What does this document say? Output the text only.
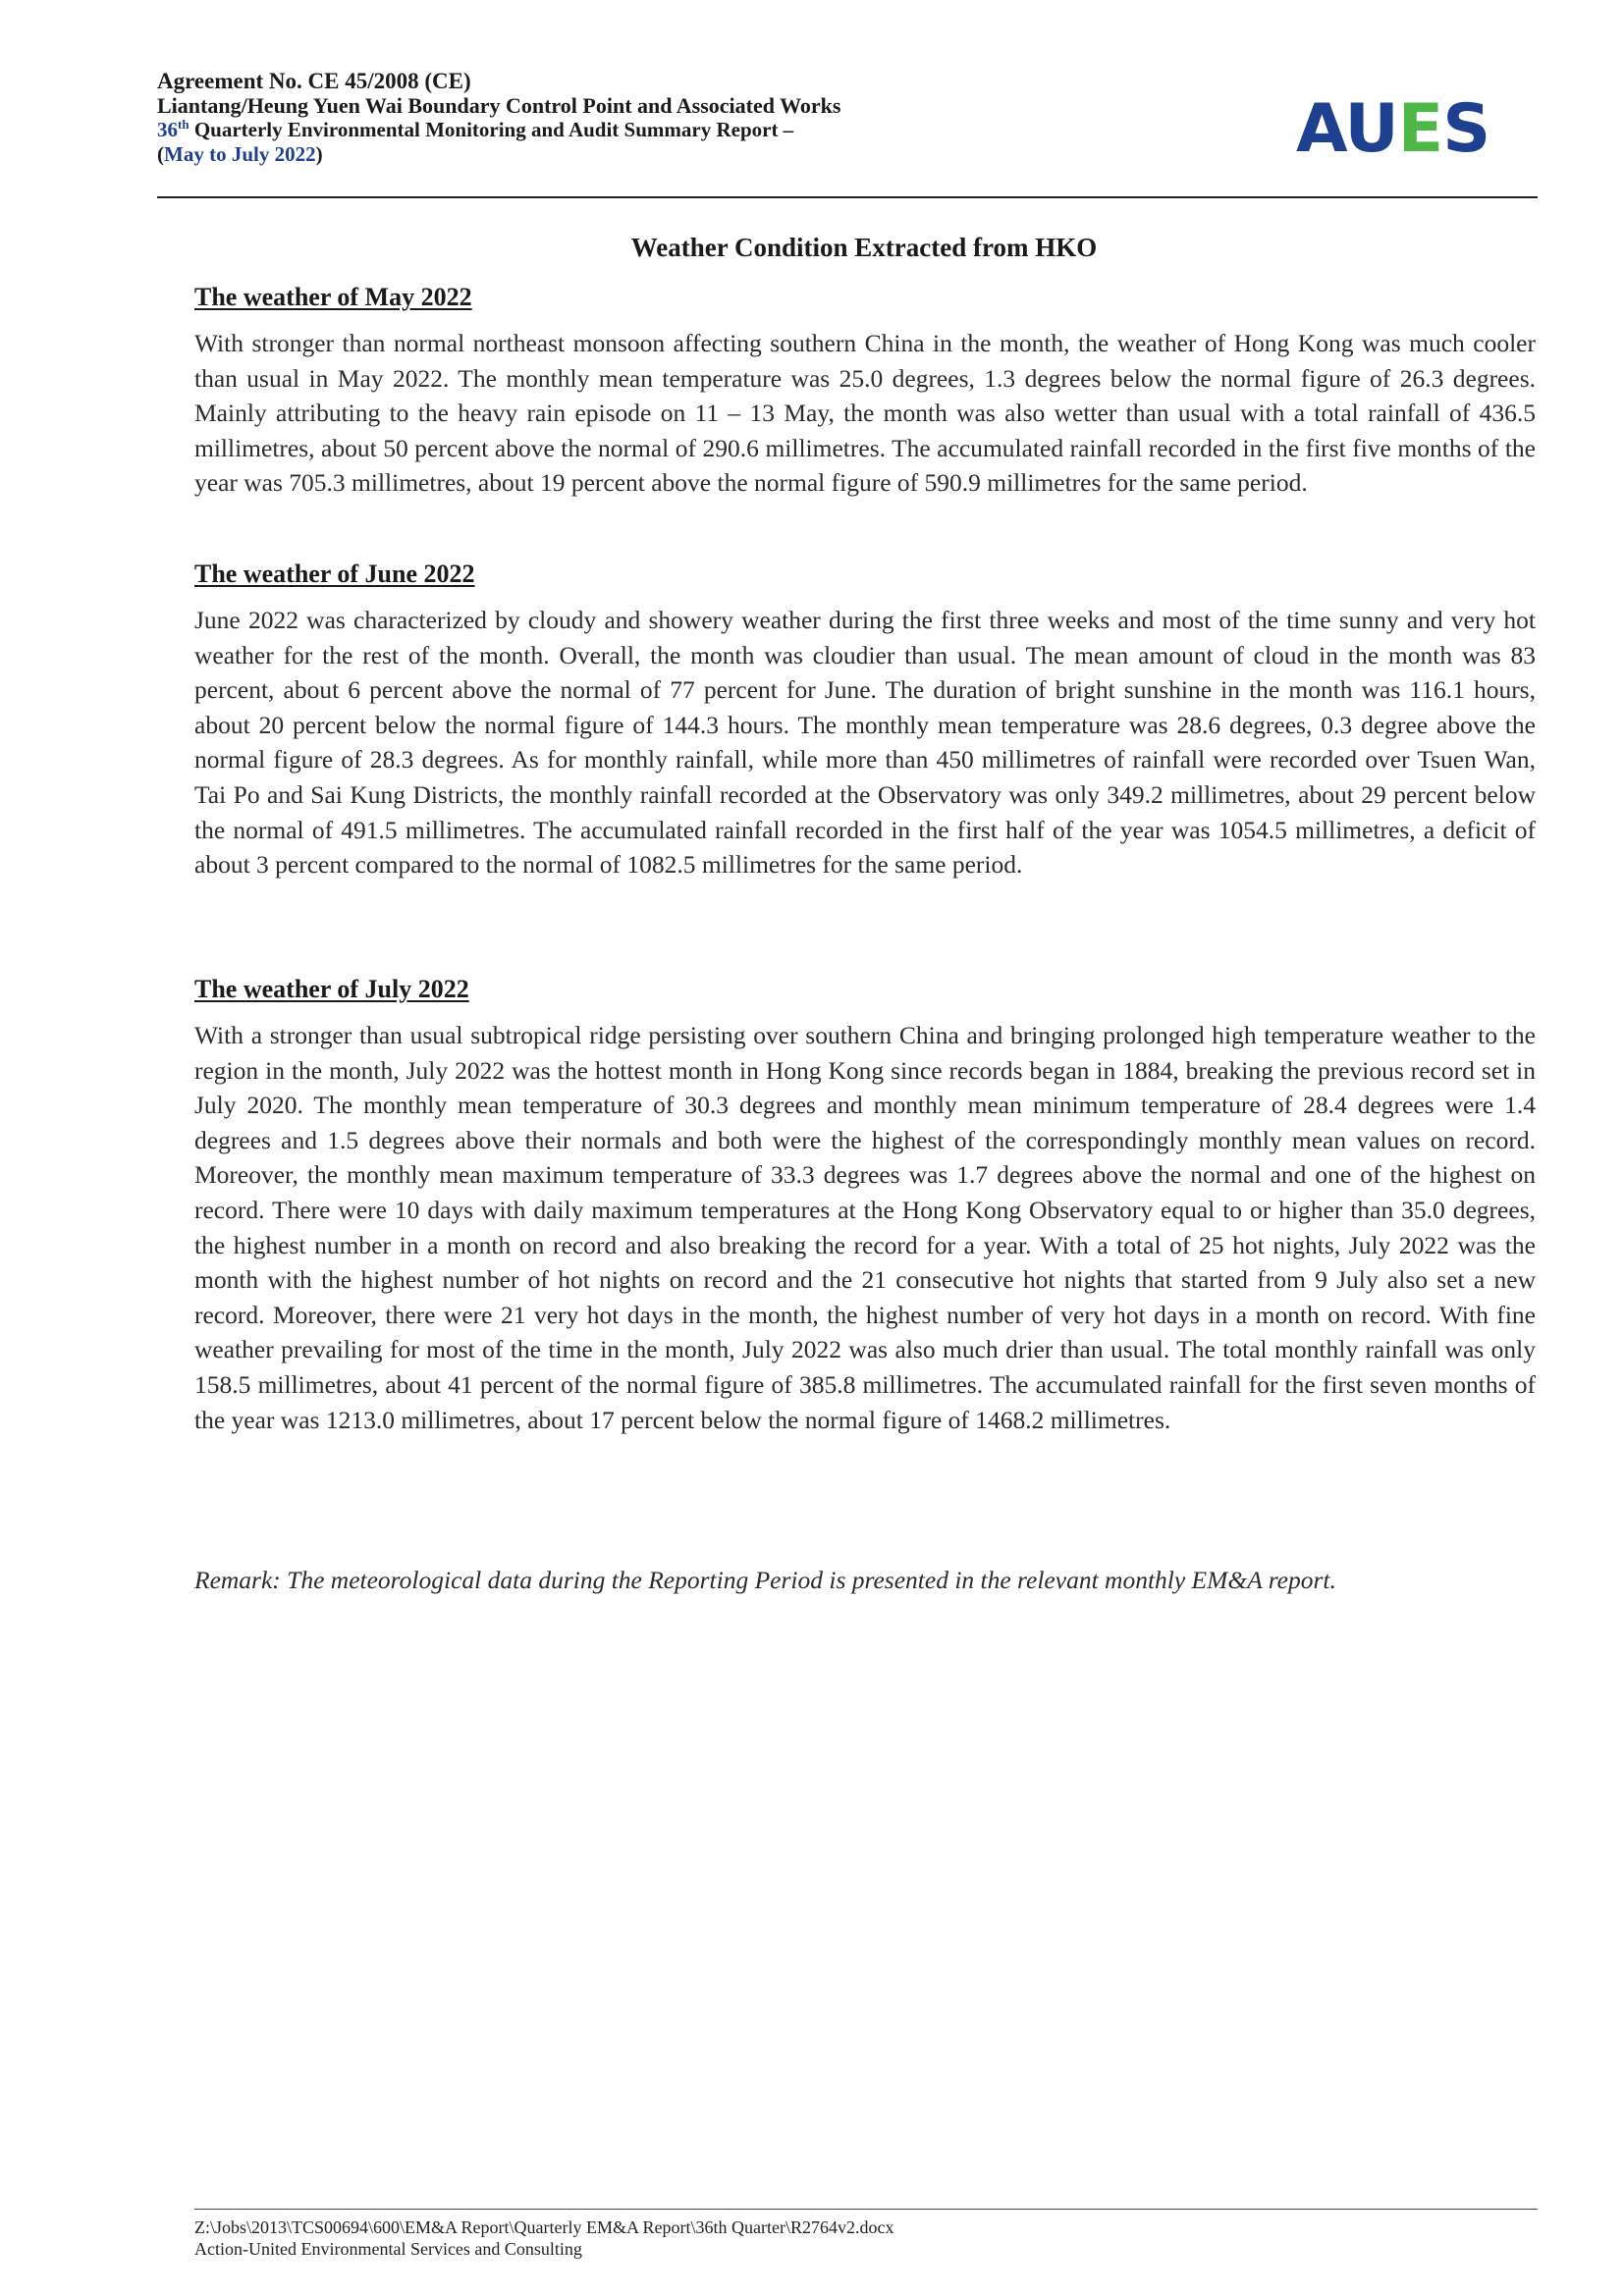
Agreement No. CE 45/2008 (CE)
Liantang/Heung Yuen Wai Boundary Control Point and Associated Works
36th Quarterly Environmental Monitoring and Audit Summary Report –
(May to July 2022)	AUES
Weather Condition Extracted from HKO
The weather of May 2022

With stronger than normal northeast monsoon affecting southern China in the month, the weather of Hong Kong was much cooler than usual in May 2022. The monthly mean temperature was 25.0 degrees, 1.3 degrees below the normal figure of 26.3 degrees. Mainly attributing to the heavy rain episode on 11 – 13 May, the month was also wetter than usual with a total rainfall of 436.5 millimetres, about 50 percent above the normal of 290.6 millimetres. The accumulated rainfall recorded in the first five months of the year was 705.3 millimetres, about 19 percent above the normal figure of 590.9 millimetres for the same period.

The weather of June 2022

June 2022 was characterized by cloudy and showery weather during the first three weeks and most of the time sunny and very hot weather for the rest of the month. Overall, the month was cloudier than usual. The mean amount of cloud in the month was 83 percent, about 6 percent above the normal of 77 percent for June. The duration of bright sunshine in the month was 116.1 hours, about 20 percent below the normal figure of 144.3 hours. The monthly mean temperature was 28.6 degrees, 0.3 degree above the normal figure of 28.3 degrees. As for monthly rainfall, while more than 450 millimetres of rainfall were recorded over Tsuen Wan, Tai Po and Sai Kung Districts, the monthly rainfall recorded at the Observatory was only 349.2 millimetres, about 29 percent below the normal of 491.5 millimetres. The accumulated rainfall recorded in the first half of the year was 1054.5 millimetres, a deficit of about 3 percent compared to the normal of 1082.5 millimetres for the same period.

The weather of July 2022

With a stronger than usual subtropical ridge persisting over southern China and bringing prolonged high temperature weather to the region in the month, July 2022 was the hottest month in Hong Kong since records began in 1884, breaking the previous record set in July 2020. The monthly mean temperature of 30.3 degrees and monthly mean minimum temperature of 28.4 degrees were 1.4 degrees and 1.5 degrees above their normals and both were the highest of the correspondingly monthly mean values on record. Moreover, the monthly mean maximum temperature of 33.3 degrees was 1.7 degrees above the normal and one of the highest on record. There were 10 days with daily maximum temperatures at the Hong Kong Observatory equal to or higher than 35.0 degrees, the highest number in a month on record and also breaking the record for a year. With a total of 25 hot nights, July 2022 was the month with the highest number of hot nights on record and the 21 consecutive hot nights that started from 9 July also set a new record. Moreover, there were 21 very hot days in the month, the highest number of very hot days in a month on record. With fine weather prevailing for most of the time in the month, July 2022 was also much drier than usual. The total monthly rainfall was only 158.5 millimetres, about 41 percent of the normal figure of 385.8 millimetres. The accumulated rainfall for the first seven months of the year was 1213.0 millimetres, about 17 percent below the normal figure of 1468.2 millimetres.

Remark: The meteorological data during the Reporting Period is presented in the relevant monthly EM&A report.

Z:\Jobs\2013\TCS00694\600\EM&A Report\Quarterly EM&A Report\36th Quarter\R2764v2.docx
Action-United Environmental Services and Consulting
